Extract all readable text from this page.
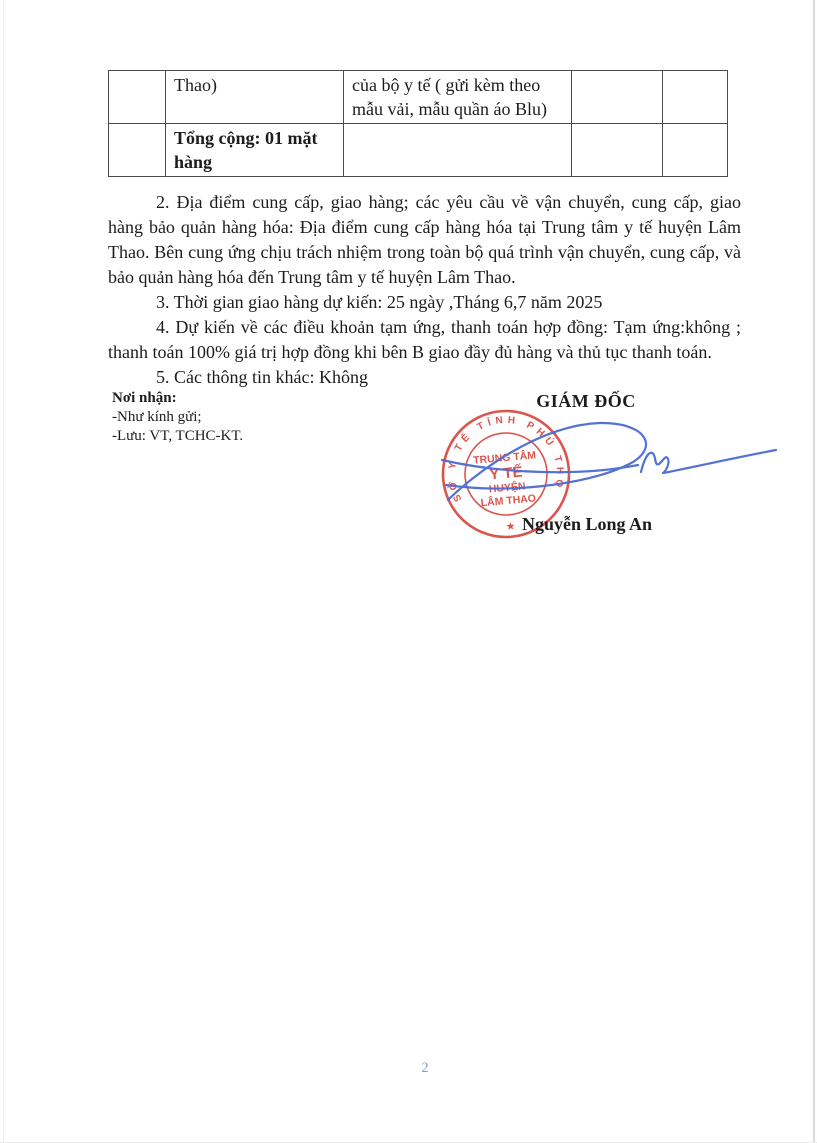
	Thao)	của bộ y tế ( gửi kèm theo mẫu vải, mẫu quần áo Blu)		
	Tổng cộng: 01 mặt hàng			

2. Địa điểm cung cấp, giao hàng; các yêu cầu về vận chuyển, cung cấp, giao hàng bảo quản hàng hóa: Địa điểm cung cấp hàng hóa tại Trung tâm y tế huyện Lâm Thao. Bên cung ứng chịu trách nhiệm trong toàn bộ quá trình vận chuyển, cung cấp, và bảo quản hàng hóa đến Trung tâm y tế huyện Lâm Thao.

3. Thời gian giao hàng dự kiến: 25 ngày ,Tháng 6,7 năm 2025

4. Dự kiến về các điều khoản tạm ứng, thanh toán hợp đồng: Tạm ứng:không ; thanh toán 100% giá trị hợp đồng khi bên B giao đầy đủ hàng và thủ tục thanh toán.

5. Các thông tin khác: Không

Nơi nhận:
-Như kính gửi;
-Lưu: VT, TCHC-KT.
GIÁM ĐỐC
SỞ Y TẾ TỈNH PHÚ THỌ
TRUNG TÂM
Y TẾ
HUYỆN
LÂM THAO
★ Nguyễn Long An
2
